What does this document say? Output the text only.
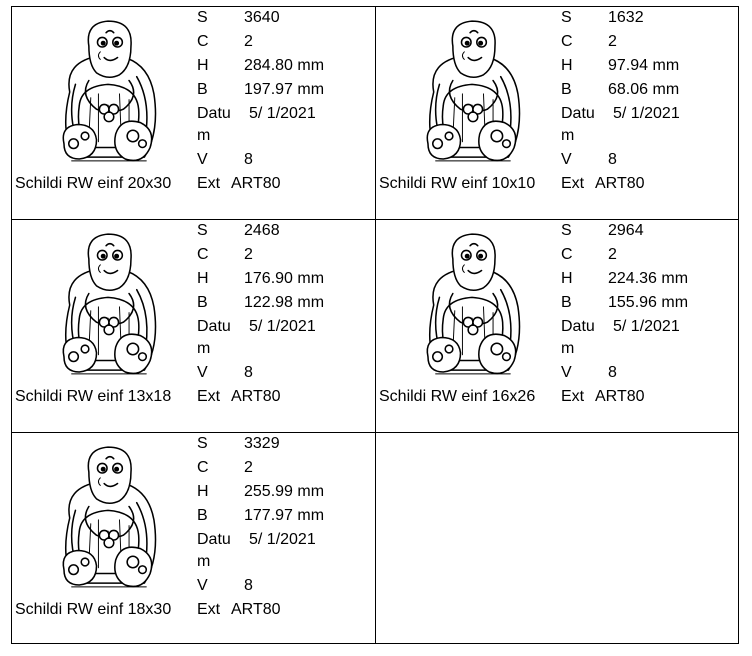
Schildi RW einf 20x30
S 3640
C 2
H 284.80 mm
B 197.97 mm
Datum
5/ 1/2021
V 8
Ext ART80	Schildi RW einf 10x10
S 1632
C 2
H 97.94 mm
B 68.06 mm
Datum
5/ 1/2021
V 8
Ext ART80
Schildi RW einf 13x18
S 2468
C 2
H 176.90 mm
B 122.98 mm
Datum
5/ 1/2021
V 8
Ext ART80	Schildi RW einf 16x26
S 2964
C 2
H 224.36 mm
B 155.96 mm
Datum
5/ 1/2021
V 8
Ext ART80
Schildi RW einf 18x30
S 3329
C 2
H 255.99 mm
B 177.97 mm
Datum
5/ 1/2021
V 8
Ext ART80
